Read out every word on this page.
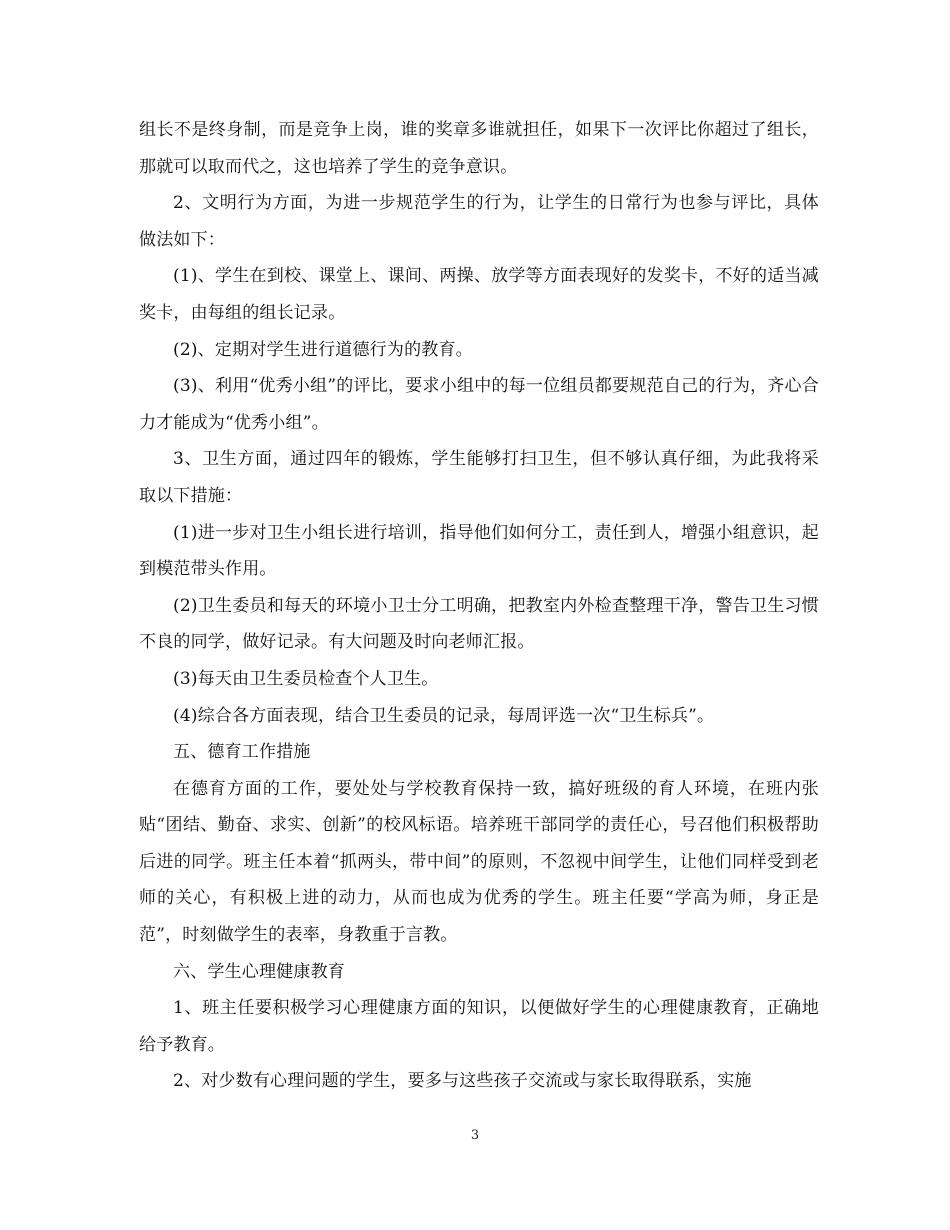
组长不是终身制，而是竞争上岗，谁的奖章多谁就担任，如果下一次评比你超过了组长，那就可以取而代之，这也培养了学生的竞争意识。

2、文明行为方面，为进一步规范学生的行为，让学生的日常行为也参与评比，具体做法如下：

(1)、学生在到校、课堂上、课间、两操、放学等方面表现好的发奖卡，不好的适当减奖卡，由每组的组长记录。

(2)、定期对学生进行道德行为的教育。

(3)、利用“优秀小组”的评比，要求小组中的每一位组员都要规范自己的行为，齐心合力才能成为“优秀小组”。

3、卫生方面，通过四年的锻炼，学生能够打扫卫生，但不够认真仔细，为此我将采取以下措施：

(1)进一步对卫生小组长进行培训，指导他们如何分工，责任到人，增强小组意识，起到模范带头作用。

(2)卫生委员和每天的环境小卫士分工明确，把教室内外检查整理干净，警告卫生习惯不良的同学，做好记录。有大问题及时向老师汇报。

(3)每天由卫生委员检查个人卫生。

(4)综合各方面表现，结合卫生委员的记录，每周评选一次“卫生标兵”。

五、德育工作措施

在德育方面的工作，要处处与学校教育保持一致，搞好班级的育人环境，在班内张贴“团结、勤奋、求实、创新”的校风标语。培养班干部同学的责任心，号召他们积极帮助后进的同学。班主任本着“抓两头，带中间”的原则，不忽视中间学生，让他们同样受到老师的关心，有积极上进的动力，从而也成为优秀的学生。班主任要“学高为师，身正是范”，时刻做学生的表率，身教重于言教。

六、学生心理健康教育

1、班主任要积极学习心理健康方面的知识，以便做好学生的心理健康教育，正确地给予教育。

2、对少数有心理问题的学生，要多与这些孩子交流或与家长取得联系，实施

3
